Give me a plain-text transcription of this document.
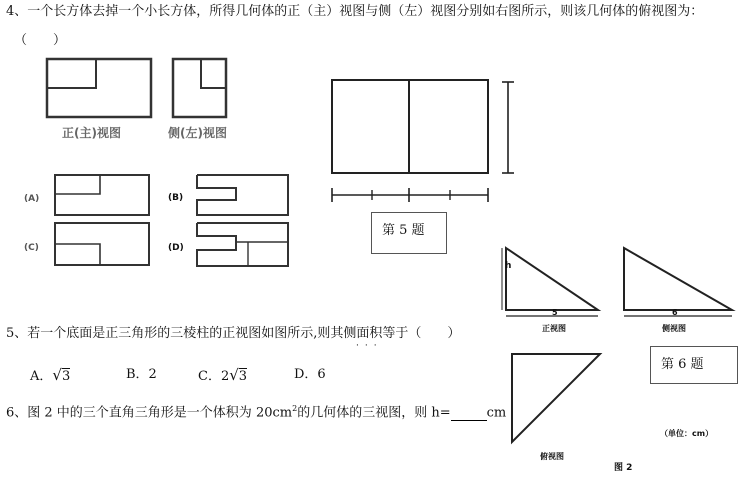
4、一个长方体去掉一个小长方体，所得几何体的正（主）视图与侧（左）视图分别如右图所示，则该几何体的俯视图为：
（　　）
正(主)视图	侧(左)视图
(A)	(B)
(C)	(D)
第 5 题
5、若一个底面是正三角形的三棱柱的正视图如图所示,则其侧面积等于（　　）
···
A．√3	B．2	C．2√3	D．6
6、图 2 中的三个直角三角形是一个体积为 $20cm^2$的几何体的三视图，则 h=	cm
h
5
正视图
6
侧视图
第 6 题
俯视图
（单位：cm）
图 2
